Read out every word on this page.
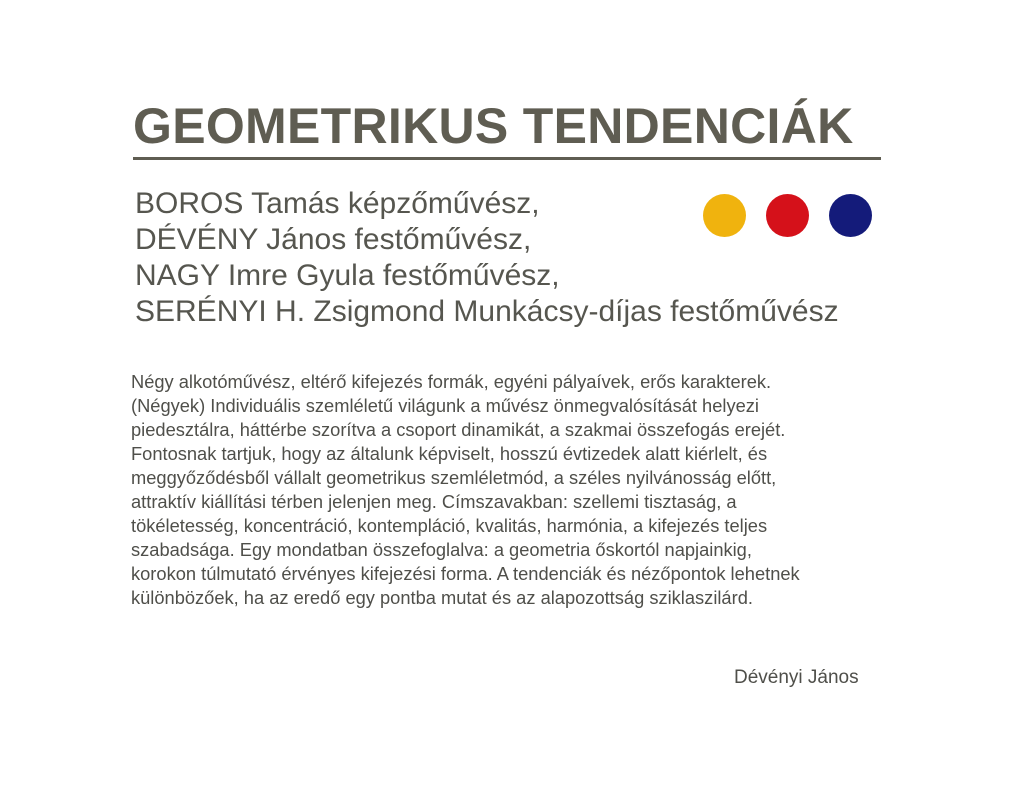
GEOMETRIKUS TENDENCIÁK
BOROS Tamás képzőművész,
DÉVÉNY János festőművész,
NAGY Imre Gyula festőművész,
SERÉNYI H. Zsigmond Munkácsy-díjas festőművész

Négy alkotóművész, eltérő kifejezés formák, egyéni pályaívek, erős karakterek.
(Négyek) Individuális szemléletű világunk a művész önmegvalósítását helyezi
piedesztálra, háttérbe szorítva a csoport dinamikát, a szakmai összefogás erejét.
Fontosnak tartjuk, hogy az általunk képviselt, hosszú évtizedek alatt kiérlelt, és
meggyőződésből vállalt geometrikus szemléletmód, a széles nyilvánosság előtt,
attraktív kiállítási térben jelenjen meg. Címszavakban: szellemi tisztaság, a
tökéletesség, koncentráció, kontempláció, kvalitás, harmónia, a kifejezés teljes
szabadsága. Egy mondatban összefoglalva: a geometria őskortól napjainkig,
korokon túlmutató érvényes kifejezési forma. A tendenciák és nézőpontok lehetnek
különbözőek, ha az eredő egy pontba mutat és az alapozottság sziklaszilárd.

Dévényi János
